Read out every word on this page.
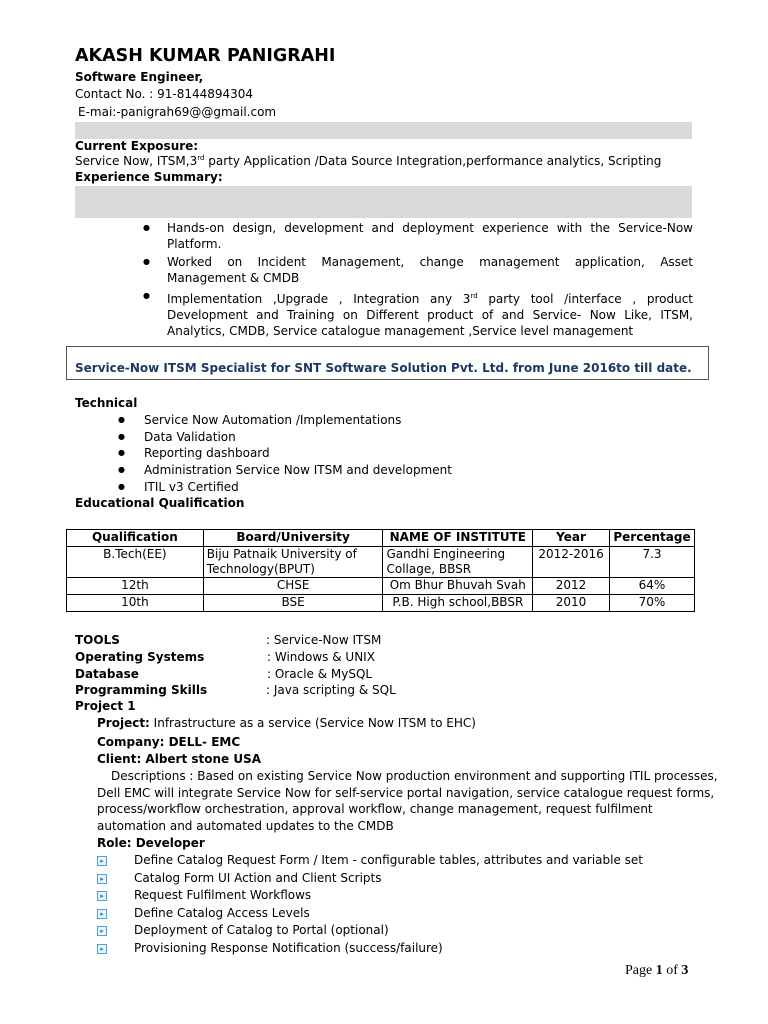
AKASH KUMAR PANIGRAHI
Software Engineer,
Contact No. : 91-8144894304
E-mai:-panigrah69@@gmail.com
Current Exposure:
Service Now, ITSM,3rd party Application /Data Source Integration,performance analytics, Scripting
Experience Summary:
● Hands-on design, development and deployment experience with the Service-Now Platform.
● Worked on Incident Management, change management application, Asset Management & CMDB
● Implementation ,Upgrade , Integration any 3rd party tool /interface , product Development and Training on Different product of and Service- Now Like, ITSM, Analytics, CMDB, Service catalogue management ,Service level management
Service-Now ITSM Specialist for SNT Software Solution Pvt. Ltd. from June 2016to till date.
Technical
● Service Now Automation /Implementations
● Data Validation
● Reporting dashboard
● Administration Service Now ITSM and development
● ITIL v3 Certified
Educational Qualification
Qualification	Board/University	NAME OF INSTITUTE	Year	Percentage
B.Tech(EE)	Biju Patnaik University of Technology(BPUT)	Gandhi Engineering Collage, BBSR	2012-2016	7.3
12th	CHSE	Om Bhur Bhuvah Svah	2012	64%
10th	BSE	P.B. High school,BBSR	2010	70%
TOOLS	: Service-Now ITSM
Operating Systems	: Windows & UNIX
Database	: Oracle & MySQL
Programming Skills	: Java scripting & SQL
Project 1
Project: Infrastructure as a service (Service Now ITSM to EHC)
Company: DELL- EMC
Client: Albert stone USA
Descriptions : Based on existing Service Now production environment and supporting ITIL processes,
Dell EMC will integrate Service Now for self-service portal navigation, service catalogue request forms,
process/workflow orchestration, approval workflow, change management, request fulfilment
automation and automated updates to the CMDB
Role: Developer
▸	Define Catalog Request Form / Item - configurable tables, attributes and variable set
▸	Catalog Form UI Action and Client Scripts
▸	Request Fulfilment Workflows
▸	Define Catalog Access Levels
▸	Deployment of Catalog to Portal (optional)
▸	Provisioning Response Notification (success/failure)
Page 1 of 3
